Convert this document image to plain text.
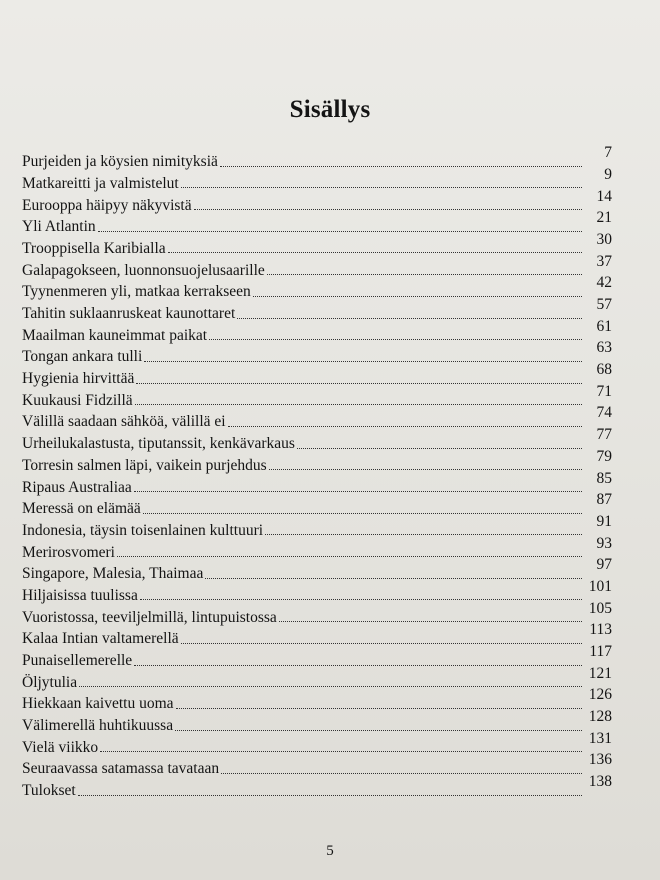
Sisällys
Purjeiden ja köysien nimityksiä
7
Matkareitti ja valmistelut
9
Eurooppa häipyy näkyvistä
14
Yli Atlantin
21
Trooppisella Karibialla
30
Galapagokseen, luonnonsuojelusaarille
37
Tyynenmeren yli, matkaa kerrakseen
42
Tahitin suklaanruskeat kaunottaret
57
Maailman kauneimmat paikat
61
Tongan ankara tulli
63
Hygienia hirvittää
68
Kuukausi Fidzillä
71
Välillä saadaan sähköä, välillä ei
74
Urheilukalastusta, tiputanssit, kenkävarkaus
77
Torresin salmen läpi, vaikein purjehdus
79
Ripaus Australiaa
85
Meressä on elämää
87
Indonesia, täysin toisenlainen kulttuuri
91
Merirosvomeri
93
Singapore, Malesia, Thaimaa
97
Hiljaisissa tuulissa
101
Vuoristossa, teeviljelmillä, lintupuistossa
105
Kalaa Intian valtamerellä
113
Punaisellemerelle
117
Öljytulia
121
Hiekkaan kaivettu uoma
126
Välimerellä huhtikuussa
128
Vielä viikko
131
Seuraavassa satamassa tavataan
136
Tulokset
138
5
